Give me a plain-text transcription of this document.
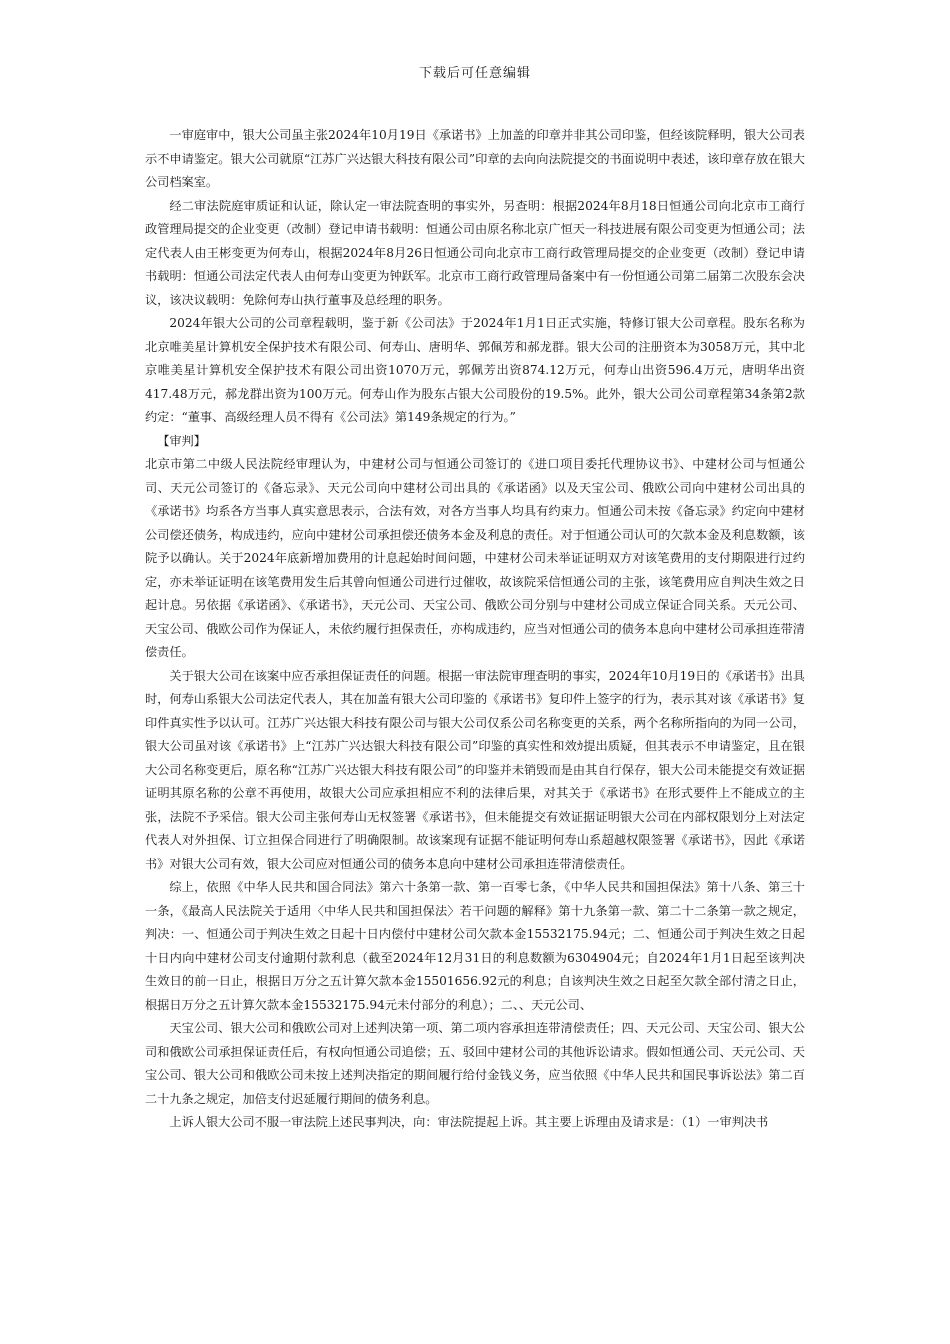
下载后可任意编辑

一审庭审中，银大公司虽主张2024年10月19日《承诺书》上加盖的印章并非其公司印鉴，但经该院释明，银大公司表示不申请鉴定。银大公司就原“江苏广兴达银大科技有限公司”印章的去向向法院提交的书面说明中表述，该印章存放在银大公司档案室。

经二审法院庭审质证和认证，除认定一审法院查明的事实外，另查明：根据2024年8月18日恒通公司向北京市工商行政管理局提交的企业变更（改制）登记申请书载明：恒通公司由原名称北京广恒天一科技进展有限公司变更为恒通公司；法定代表人由王彬变更为何寿山，根据2024年8月26日恒通公司向北京市工商行政管理局提交的企业变更（改制）登记申请书载明：恒通公司法定代表人由何寿山变更为钟跃军。北京市工商行政管理局备案中有一份恒通公司第二届第二次股东会决议，该决议载明：免除何寿山执行董事及总经理的职务。

2024年银大公司的公司章程载明，鉴于新《公司法》于2024年1月1日正式实施，特修订银大公司章程。股东名称为北京唯美星计算机安全保护技术有限公司、何寿山、唐明华、郭佩芳和郝龙群。银大公司的注册资本为3058万元，其中北京唯美星计算机安全保护技术有限公司出资1070万元，郭佩芳出资874.12万元，何寿山出资596.4万元，唐明华出资417.48万元，郝龙群出资为100万元。何寿山作为股东占银大公司股份的19.5%。此外，银大公司公司章程第34条第2款约定：“董事、高级经理人员不得有《公司法》第149条规定的行为。”

【审判】

北京市第二中级人民法院经审理认为，中建材公司与恒通公司签订的《进口项目委托代理协议书》、中建材公司与恒通公司、天元公司签订的《备忘录》、天元公司向中建材公司出具的《承诺函》以及天宝公司、俄欧公司向中建材公司出具的《承诺书》均系各方当事人真实意思表示，合法有效，对各方当事人均具有约束力。恒通公司未按《备忘录》约定向中建材公司偿还债务，构成违约，应向中建材公司承担偿还债务本金及利息的责任。对于恒通公司认可的欠款本金及利息数额，该院予以确认。关于2024年底新增加费用的计息起始时间问题，中建材公司未举证证明双方对该笔费用的支付期限进行过约定，亦未举证证明在该笔费用发生后其曾向恒通公司进行过催收，故该院采信恒通公司的主张，该笔费用应自判决生效之日起计息。另依据《承诺函》、《承诺书》，天元公司、天宝公司、俄欧公司分别与中建材公司成立保证合同关系。天元公司、天宝公司、俄欧公司作为保证人，未依约履行担保责任，亦构成违约，应当对恒通公司的债务本息向中建材公司承担连带清偿责任。

关于银大公司在该案中应否承担保证责任的问题。根据一审法院审理查明的事实，2024年10月19日的《承诺书》出具时，何寿山系银大公司法定代表人，其在加盖有银大公司印鉴的《承诺书》复印件上签字的行为，表示其对该《承诺书》复印件真实性予以认可。江苏广兴达银大科技有限公司与银大公司仅系公司名称变更的关系，两个名称所指向的为同一公司，银大公司虽对该《承诺书》上“江苏广兴达银大科技有限公司”印鉴的真实性和效ｶ提出质疑，但其表示不申请鉴定，且在银大公司名称变更后，原名称“江苏广兴达银大科技有限公司”的印鉴并未销毁而是由其自行保存，银大公司未能提交有效证据证明其原名称的公章不再使用，故银大公司应承担相应不利的法律后果，对其关于《承诺书》在形式要件上不能成立的主张，法院不予采信。银大公司主张何寿山无权签署《承诺书》，但未能提交有效证据证明银大公司在内部权限划分上对法定代表人对外担保、订立担保合同进行了明确限制。故该案现有证据不能证明何寿山系超越权限签署《承诺书》，因此《承诺书》对银大公司有效，银大公司应对恒通公司的债务本息向中建材公司承担连带清偿责任。

综上，依照《中华人民共和国合同法》第六十条第一款、第一百零七条，《中华人民共和国担保法》第十八条、第三十一条，《最高人民法院关于适用〈中华人民共和国担保法〉若干问题的解释》第十九条第一款、第二十二条第一款之规定，判决：一、恒通公司于判决生效之日起十日内偿付中建材公司欠款本金15532175.94元；二、恒通公司于判决生效之日起十日内向中建材公司支付逾期付款利息（截至2024年12月31日的利息数额为6304904元；自2024年1月1日起至该判决生效日的前一日止，根据日万分之五计算欠款本金15501656.92元的利息；自该判决生效之日起至欠款全部付清之日止，根据日万分之五计算欠款本金15532175.94元未付部分的利息）；二、、天元公司、

天宝公司、银大公司和俄欧公司对上述判决第一项、第二项内容承担连带清偿责任；四、天元公司、天宝公司、银大公司和俄欧公司承担保证责任后，有权向恒通公司追偿；五、驳回中建材公司的其他诉讼请求。假如恒通公司、天元公司、天宝公司、银大公司和俄欧公司未按上述判决指定的期间履行给付金钱义务，应当依照《中华人民共和国民事诉讼法》第二百二十九条之规定，加倍支付迟延履行期间的债务利息。

上诉人银大公司不服一审法院上述民事判决，向：审法院提起上诉。其主要上诉理由及请求是：（1）一审判决书
